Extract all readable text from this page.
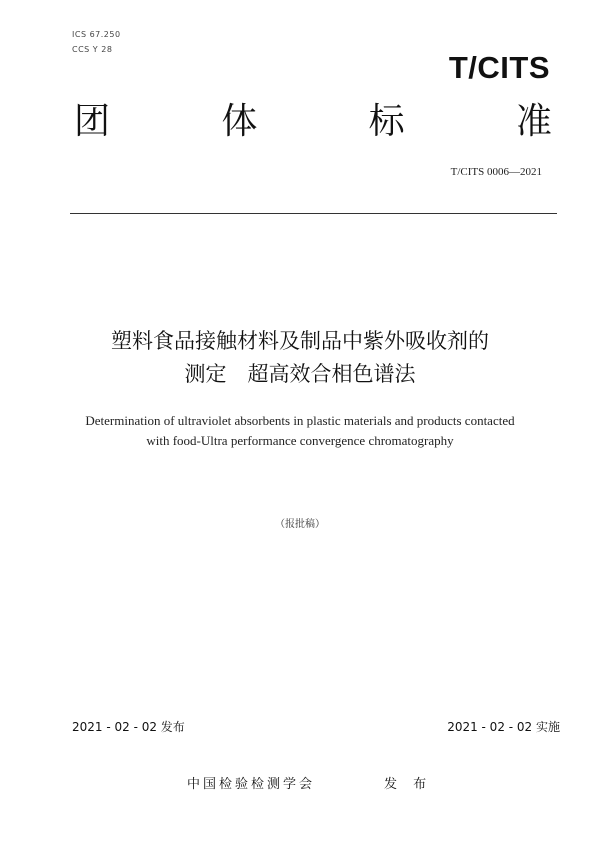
ICS 67.250
CCS Y 28
T/CITS
团	体	标	准
T/CITS 0006—2021
塑料食品接触材料及制品中紫外吸收剂的
测定　超高效合相色谱法
Determination of ultraviolet absorbents in plastic materials and products contacted
with food-Ultra performance convergence chromatography
（报批稿）
2021 - 02 - 02 发布	2021 - 02 - 02 实施
中国检验检测学会	发 布
